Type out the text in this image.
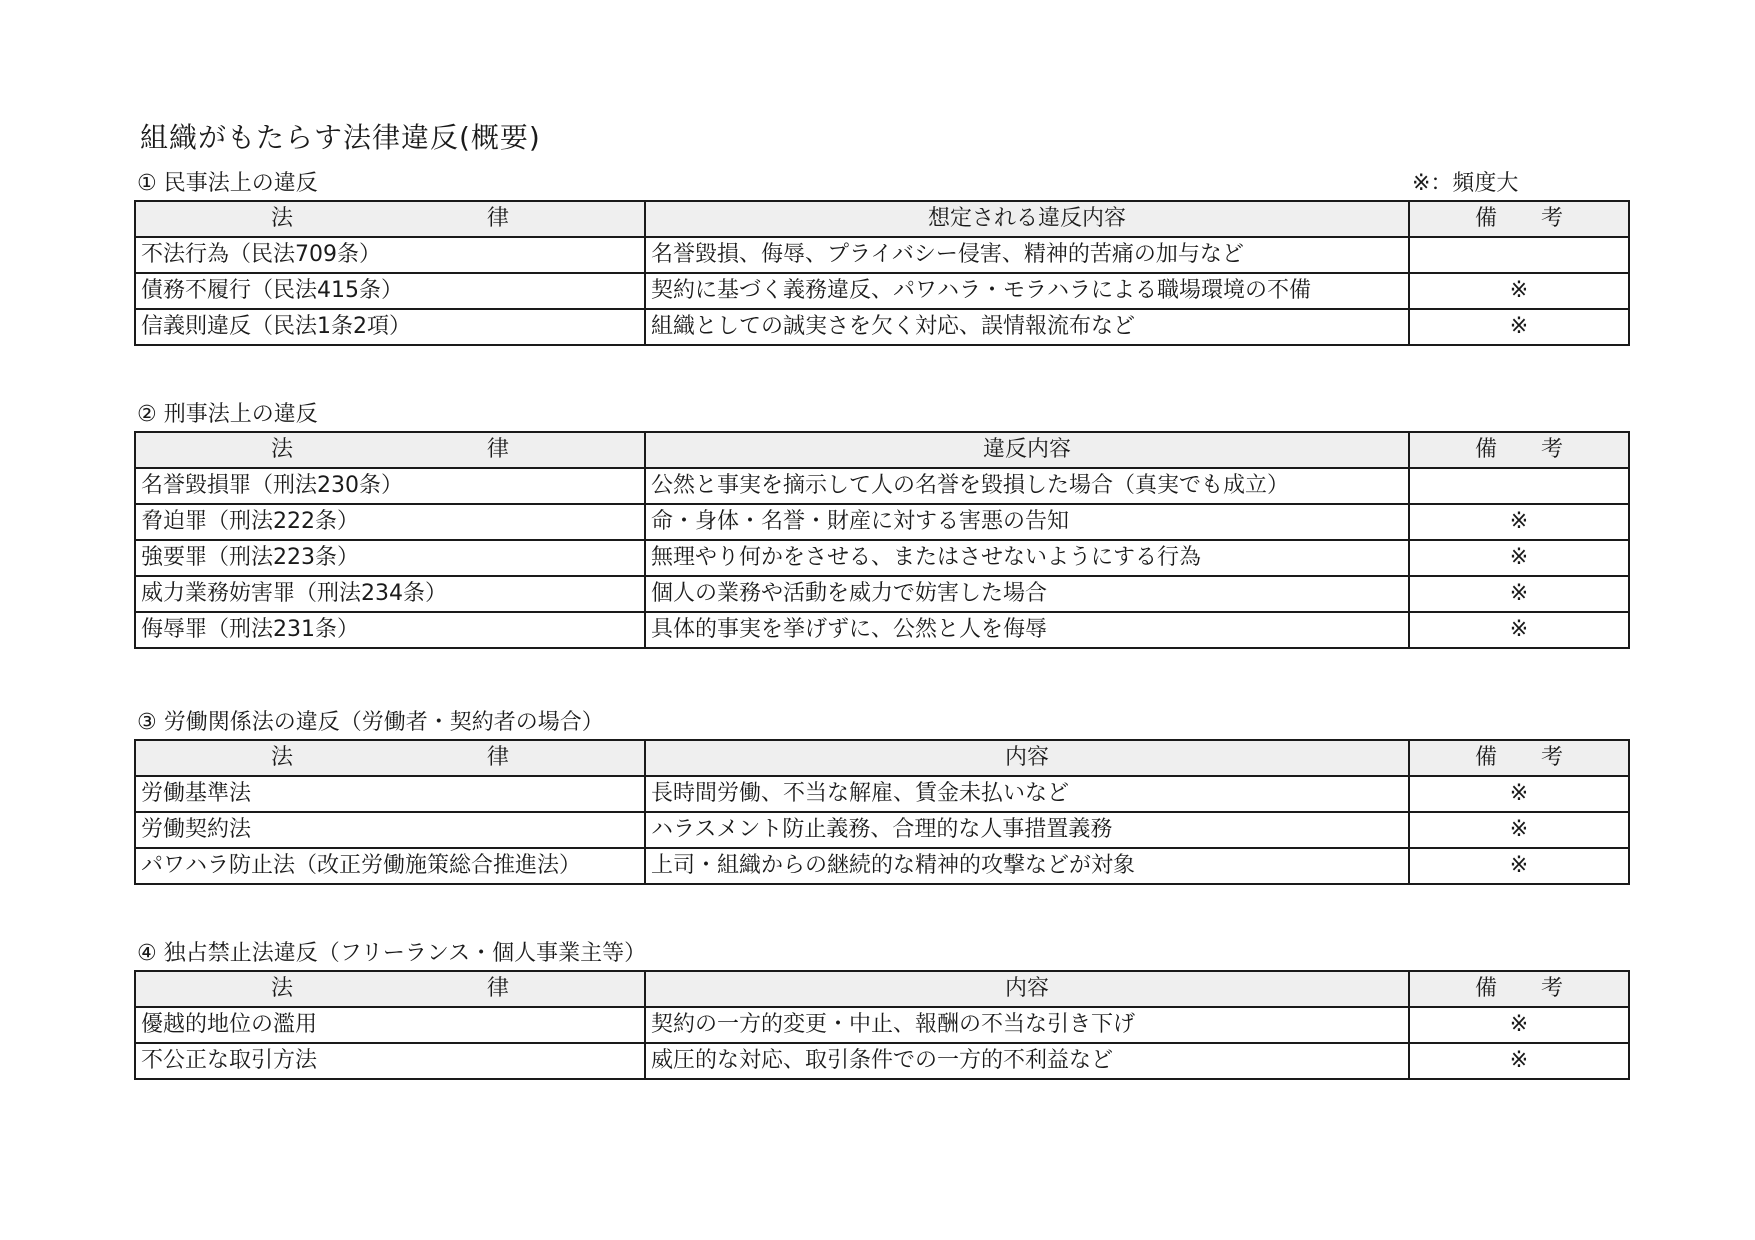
組織がもたらす法律違反(概要)
※：頻度大
① 民事法上の違反
法 律	想定される違反内容	備 考

不法行為（民法709条）	名誉毀損、侮辱、プライバシー侵害、精神的苦痛の加与など	
債務不履行（民法415条）	契約に基づく義務違反、パワハラ・モラハラによる職場環境の不備	※
信義則違反（民法1条2項）	組織としての誠実さを欠く対応、誤情報流布など	※
② 刑事法上の違反
法 律	違反内容	備 考

名誉毀損罪（刑法230条）	公然と事実を摘示して人の名誉を毀損した場合（真実でも成立）	
脅迫罪（刑法222条）	命・身体・名誉・財産に対する害悪の告知	※
強要罪（刑法223条）	無理やり何かをさせる、またはさせないようにする行為	※
威力業務妨害罪（刑法234条）	個人の業務や活動を威力で妨害した場合	※
侮辱罪（刑法231条）	具体的事実を挙げずに、公然と人を侮辱	※
③ 労働関係法の違反（労働者・契約者の場合）
法 律	内容	備 考

労働基準法	長時間労働、不当な解雇、賃金未払いなど	※
労働契約法	ハラスメント防止義務、合理的な人事措置義務	※
パワハラ防止法（改正労働施策総合推進法）	上司・組織からの継続的な精神的攻撃などが対象	※
④ 独占禁止法違反（フリーランス・個人事業主等）
法 律	内容	備 考

優越的地位の濫用	契約の一方的変更・中止、報酬の不当な引き下げ	※
不公正な取引方法	威圧的な対応、取引条件での一方的不利益など	※
